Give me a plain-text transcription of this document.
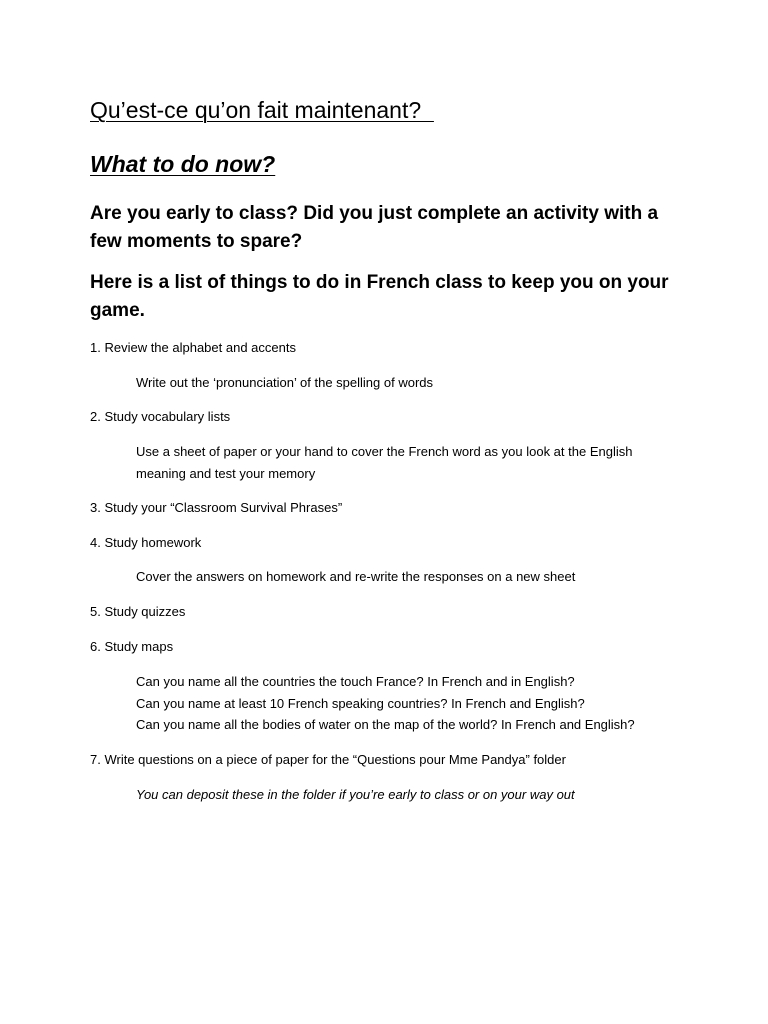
Qu’est-ce qu’on fait maintenant?
What to do now?

Are you early to class? Did you just complete an activity with a few moments to spare?

Here is a list of things to do in French class to keep you on your game.

1. Review the alphabet and accents

Write out the ‘pronunciation’ of the spelling of words

2. Study vocabulary lists

Use a sheet of paper or your hand to cover the French word as you look at the English meaning and test your memory

3. Study your “Classroom Survival Phrases”

4. Study homework

Cover the answers on homework and re-write the responses on a new sheet

5. Study quizzes

6. Study maps

Can you name all the countries the touch France? In French and in English?

Can you name at least 10 French speaking countries? In French and English?

Can you name all the bodies of water on the map of the world? In French and English?

7. Write questions on a piece of paper for the “Questions pour Mme Pandya” folder

You can deposit these in the folder if you’re early to class or on your way out
